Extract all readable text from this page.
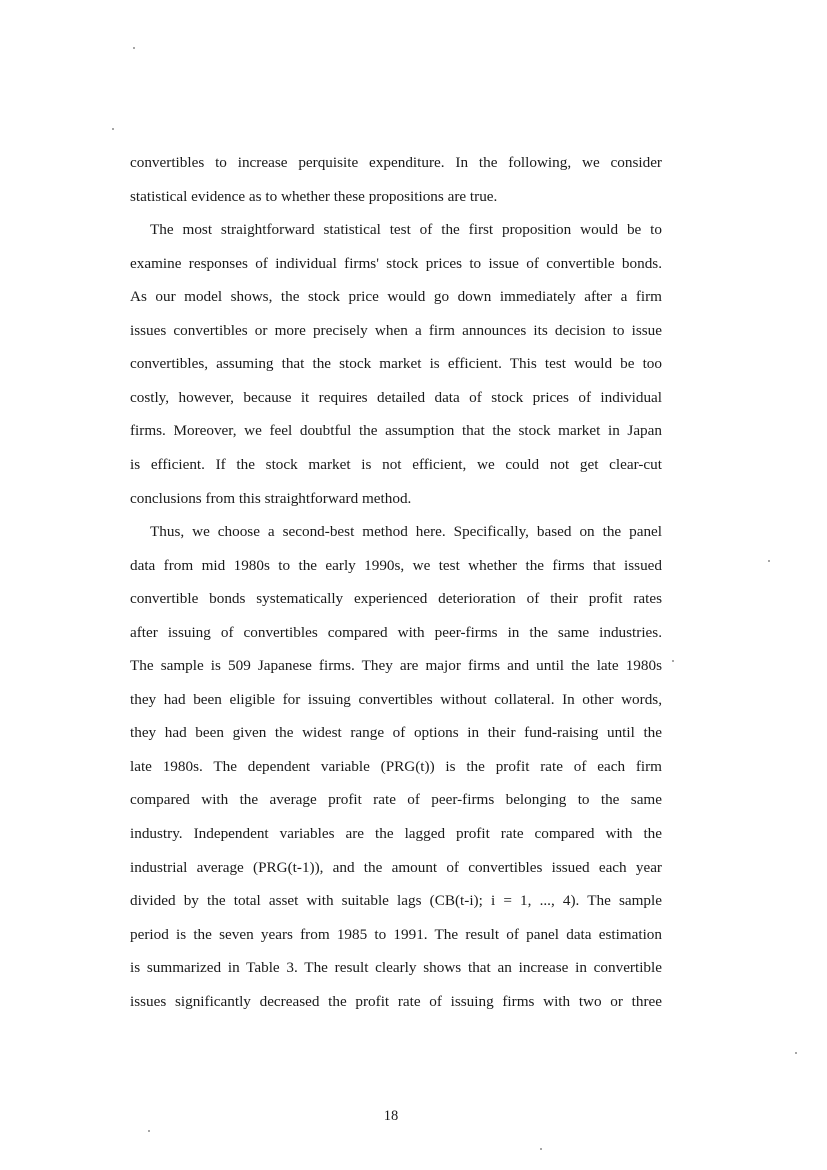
convertibles to increase perquisite expenditure. In the following, we consider
statistical evidence as to whether these propositions are true.
The most straightforward statistical test of the first proposition would be to
examine responses of individual firms' stock prices to issue of convertible bonds.
As our model shows, the stock price would go down immediately after a firm
issues convertibles or more precisely when a firm announces its decision to issue
convertibles, assuming that the stock market is efficient. This test would be too
costly, however, because it requires detailed data of stock prices of individual
firms. Moreover, we feel doubtful the assumption that the stock market in Japan
is efficient. If the stock market is not efficient, we could not get clear-cut
conclusions from this straightforward method.
Thus, we choose a second-best method here. Specifically, based on the panel
data from mid 1980s to the early 1990s, we test whether the firms that issued
convertible bonds systematically experienced deterioration of their profit rates
after issuing of convertibles compared with peer-firms in the same industries.
The sample is 509 Japanese firms. They are major firms and until the late 1980s
they had been eligible for issuing convertibles without collateral. In other words,
they had been given the widest range of options in their fund-raising until the
late 1980s. The dependent variable (PRG(t)) is the profit rate of each firm
compared with the average profit rate of peer-firms belonging to the same
industry. Independent variables are the lagged profit rate compared with the
industrial average (PRG(t-1)), and the amount of convertibles issued each year
divided by the total asset with suitable lags (CB(t-i); i = 1, ..., 4). The sample
period is the seven years from 1985 to 1991. The result of panel data estimation
is summarized in Table 3. The result clearly shows that an increase in convertible
issues significantly decreased the profit rate of issuing firms with two or three
18
